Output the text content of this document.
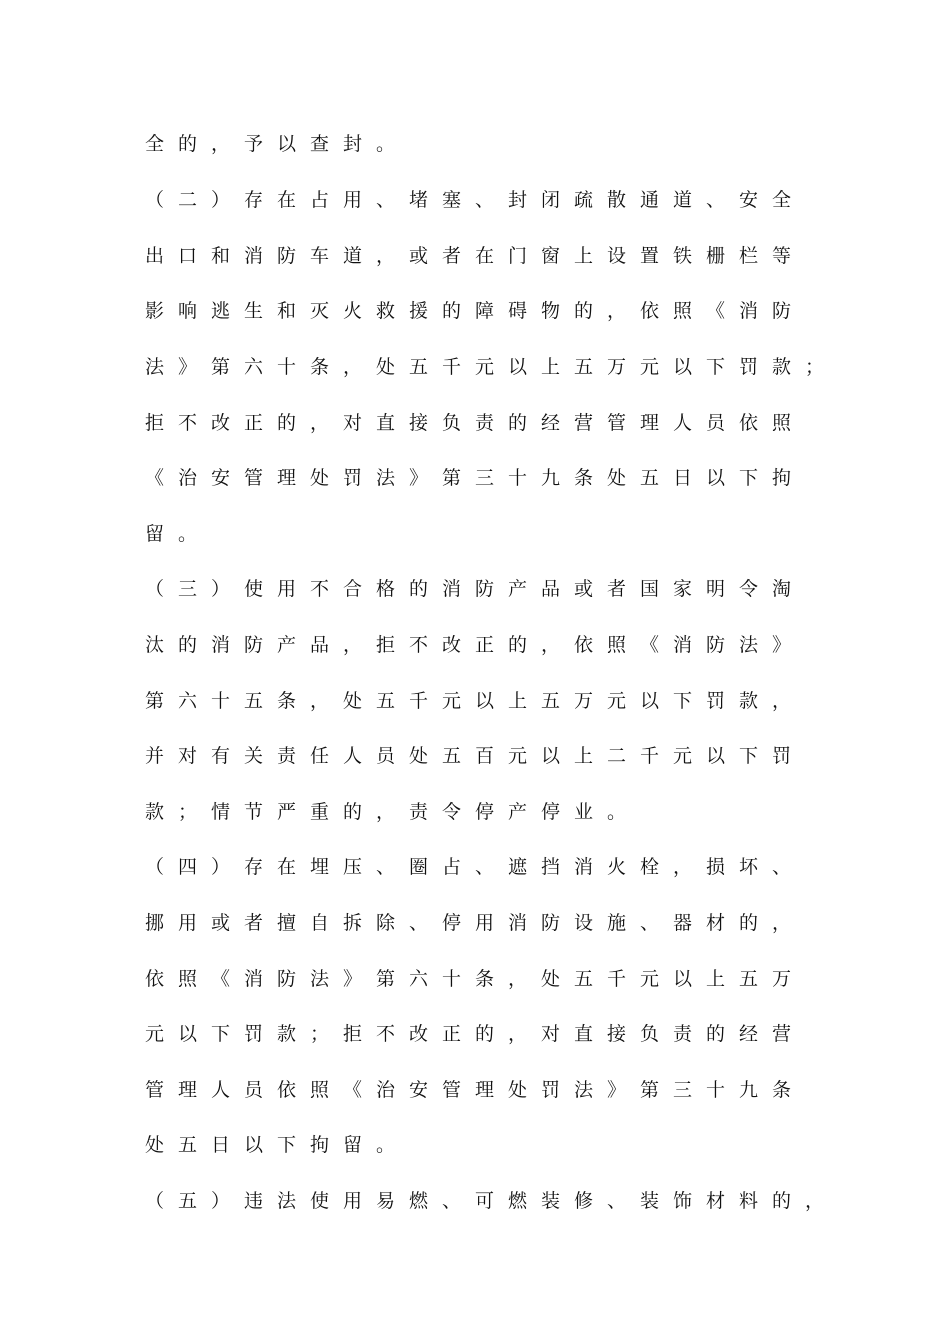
全的，予以查封。
（二）存在占用、堵塞、封闭疏散通道、安全
出口和消防车道，或者在门窗上设置铁栅栏等
影响逃生和灭火救援的障碍物的，依照《消防
法》第六十条，处五千元以上五万元以下罚款；
拒不改正的，对直接负责的经营管理人员依照
《治安管理处罚法》第三十九条处五日以下拘
留。
（三）使用不合格的消防产品或者国家明令淘
汰的消防产品，拒不改正的，依照《消防法》
第六十五条，处五千元以上五万元以下罚款，
并对有关责任人员处五百元以上二千元以下罚
款；情节严重的，责令停产停业。
（四）存在埋压、圈占、遮挡消火栓，损坏、
挪用或者擅自拆除、停用消防设施、器材的，
依照《消防法》第六十条，处五千元以上五万
元以下罚款；拒不改正的，对直接负责的经营
管理人员依照《治安管理处罚法》第三十九条
处五日以下拘留。
（五）违法使用易燃、可燃装修、装饰材料的，
